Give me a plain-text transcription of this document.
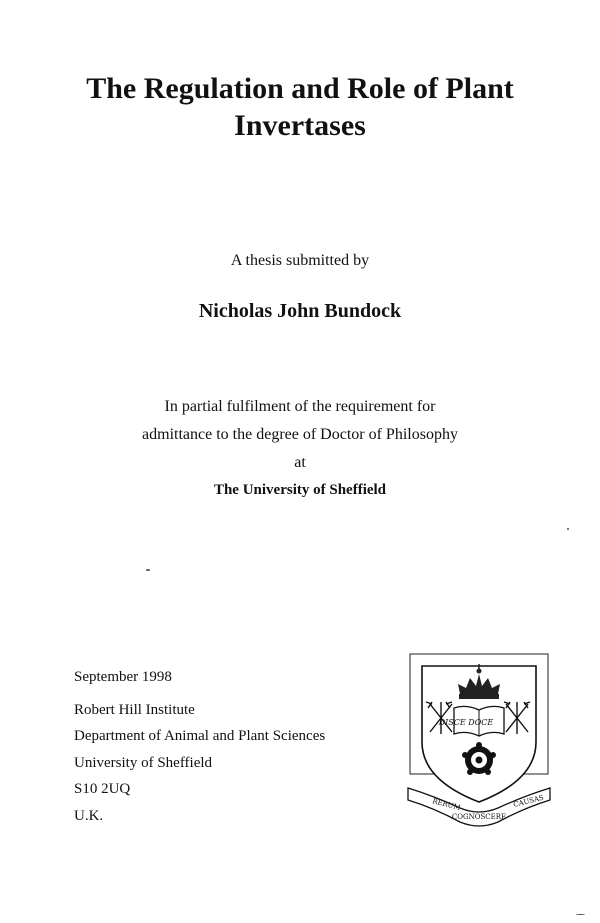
The Regulation and Role of Plant
Invertases
A thesis submitted by
Nicholas John Bundock
In partial fulfilment of the requirement for
admittance to the degree of Doctor of Philosophy
at
The University of Sheffield
September 1998
Robert Hill Institute
Department of Animal and Plant Sciences
University of Sheffield
S10 2UQ
U.K.
DISCE DOCE
RERUM
COGNOSCERE
CAUSAS
